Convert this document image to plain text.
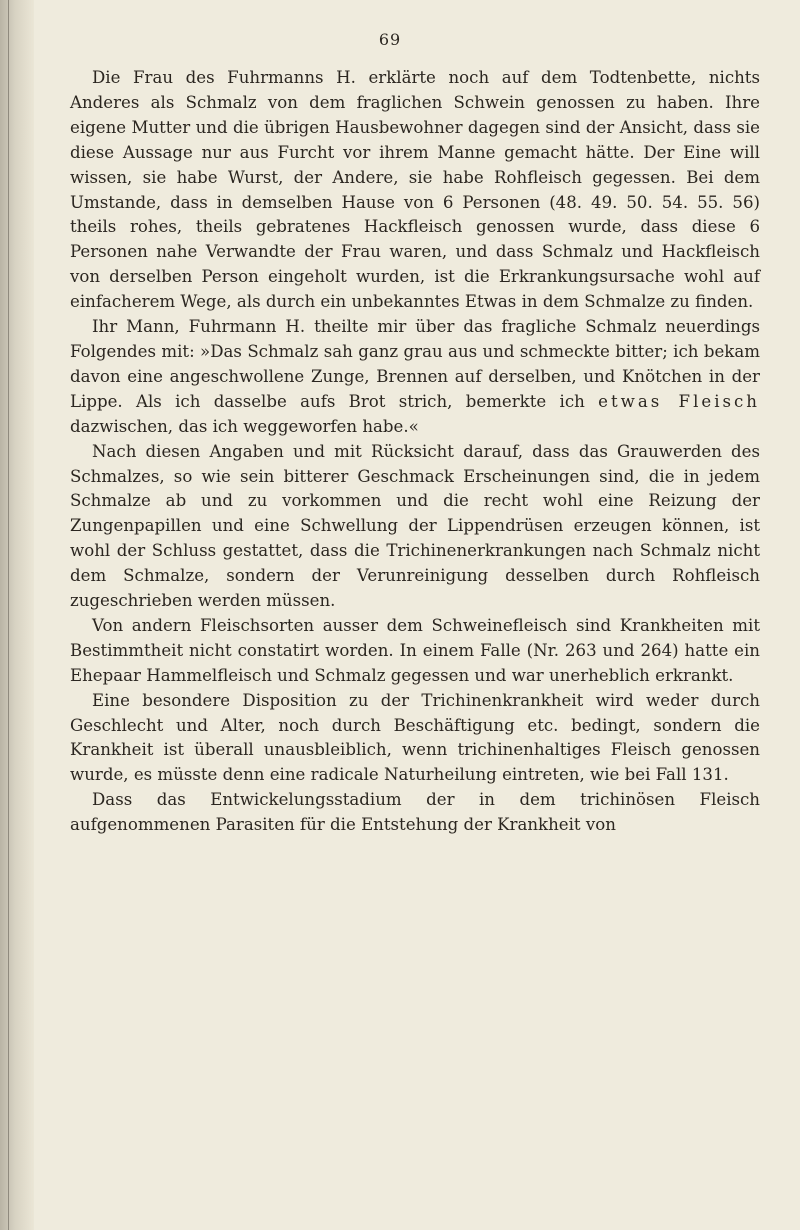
69

Die Frau des Fuhrmanns H. erklärte noch auf dem Todtenbette, nichts Anderes als Schmalz von dem fraglichen Schwein genossen zu haben. Ihre eigene Mutter und die übrigen Hausbewohner dagegen sind der Ansicht, dass sie diese Aussage nur aus Furcht vor ihrem Manne gemacht hätte. Der Eine will wissen, sie habe Wurst, der Andere, sie habe Rohfleisch gegessen. Bei dem Umstande, dass in demselben Hause von 6 Personen (48. 49. 50. 54. 55. 56) theils rohes, theils gebratenes Hackfleisch genossen wurde, dass diese 6 Personen nahe Verwandte der Frau waren, und dass Schmalz und Hackfleisch von derselben Person eingeholt wurden, ist die Erkrankungsursache wohl auf einfacherem Wege, als durch ein unbekanntes Etwas in dem Schmalze zu finden.

Ihr Mann, Fuhrmann H. theilte mir über das fragliche Schmalz neuerdings Folgendes mit: »Das Schmalz sah ganz grau aus und schmeckte bitter; ich bekam davon eine angeschwollene Zunge, Brennen auf derselben, und Knötchen in der Lippe. Als ich dasselbe aufs Brot strich, bemerkte ich etwas Fleisch dazwischen, das ich weggeworfen habe.«

Nach diesen Angaben und mit Rücksicht darauf, dass das Grauwerden des Schmalzes, so wie sein bitterer Geschmack Erscheinungen sind, die in jedem Schmalze ab und zu vorkommen und die recht wohl eine Reizung der Zungenpapillen und eine Schwellung der Lippendrüsen erzeugen können, ist wohl der Schluss gestattet, dass die Trichinenerkrankungen nach Schmalz nicht dem Schmalze, sondern der Verunreinigung desselben durch Rohfleisch zugeschrieben werden müssen.

Von andern Fleischsorten ausser dem Schweinefleisch sind Krankheiten mit Bestimmtheit nicht constatirt worden. In einem Falle (Nr. 263 und 264) hatte ein Ehepaar Hammelfleisch und Schmalz gegessen und war unerheblich erkrankt.

Eine besondere Disposition zu der Trichinenkrankheit wird weder durch Geschlecht und Alter, noch durch Beschäftigung etc. bedingt, sondern die Krankheit ist überall unausbleiblich, wenn trichinenhaltiges Fleisch genossen wurde, es müsste denn eine radicale Naturheilung eintreten, wie bei Fall 131.

Dass das Entwickelungsstadium der in dem trichinösen Fleisch aufgenommenen Parasiten für die Entstehung der Krankheit von
